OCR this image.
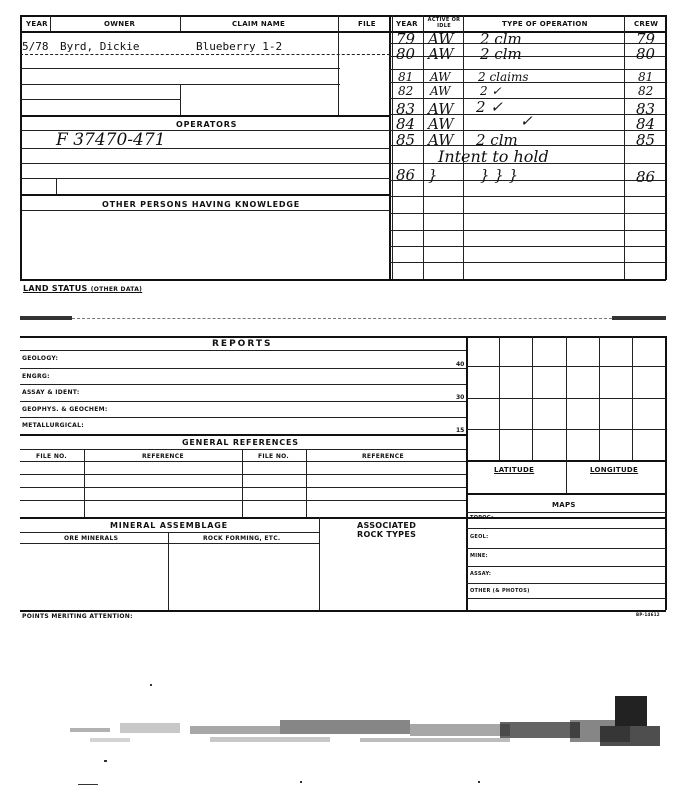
YEAR	OWNER	CLAIM NAME	FILE	YEAR	ACTIVE OR IDLE	TYPE OF OPERATION	CREW
5/78 Byrd, Dickie	Blueberry 1-2
OPERATORS
F 37470-471
OTHER PERSONS HAVING KNOWLEDGE
79 AW 2 clm	79
80 AW 2 clm	80
81 AW 2 claims	81
82 AW 2 ✓	82
83 AW 2 ✓	83
84 AW	✓	84
85 AW 2 clm	85
Intent to hold
86 }	} } }	86
LAND STATUS (OTHER DATA)
REPORTS
GEOLOGY:
40
ENGRG:
ASSAY & IDENT:
30
GEOPHYS. & GEOCHEM:
METALLURGICAL:
15
GENERAL REFERENCES
FILE NO.	REFERENCE	FILE NO.	REFERENCE
LATITUDE	LONGITUDE
MAPS
TOPOG:
GEOL:
MINE:
ASSAY:
OTHER (& PHOTOS)
MINERAL ASSEMBLAGE	ASSOCIATED
ROCK TYPES
ORE MINERALS	ROCK FORMING, ETC.
POINTS MERITING ATTENTION:	BP-14612
